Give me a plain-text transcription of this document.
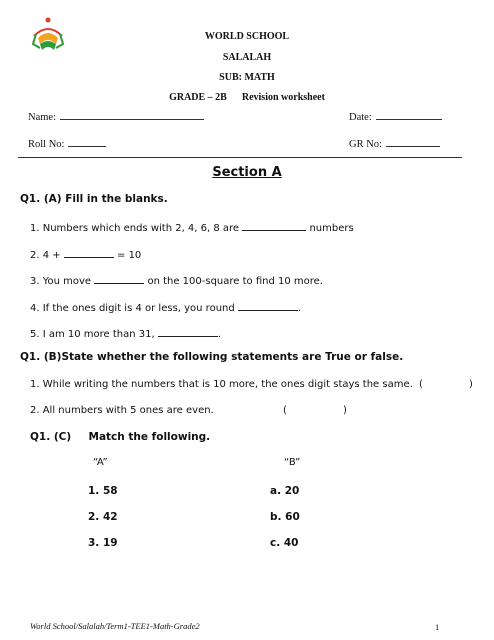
WORLD SCHOOL
SALALAH
SUB: MATH
GRADE – 2B Revision worksheet
Name:	Date:
Roll No:	GR No:
Section A
Q1. (A) Fill in the blanks.
1. Numbers which ends with 2, 4, 6, 8 are	numbers
2. 4 +	= 10
3. You move	on the 100-square to find 10 more.
4. If the ones digit is 4 or less, you round	.
5. I am 10 more than 31,	.
Q1. (B)State whether the following statements are True or false.
1. While writing the numbers that is 10 more, the ones digit stays the same. (	)
2. All numbers with 5 ones are even.	(	)
Q1. (C) Match the following.
“A”	“B”
1. 58	a. 20
2. 42	b. 60
3. 19	c. 40
World School/Salalah/Term1-TEE1-Math-Grade2	1
